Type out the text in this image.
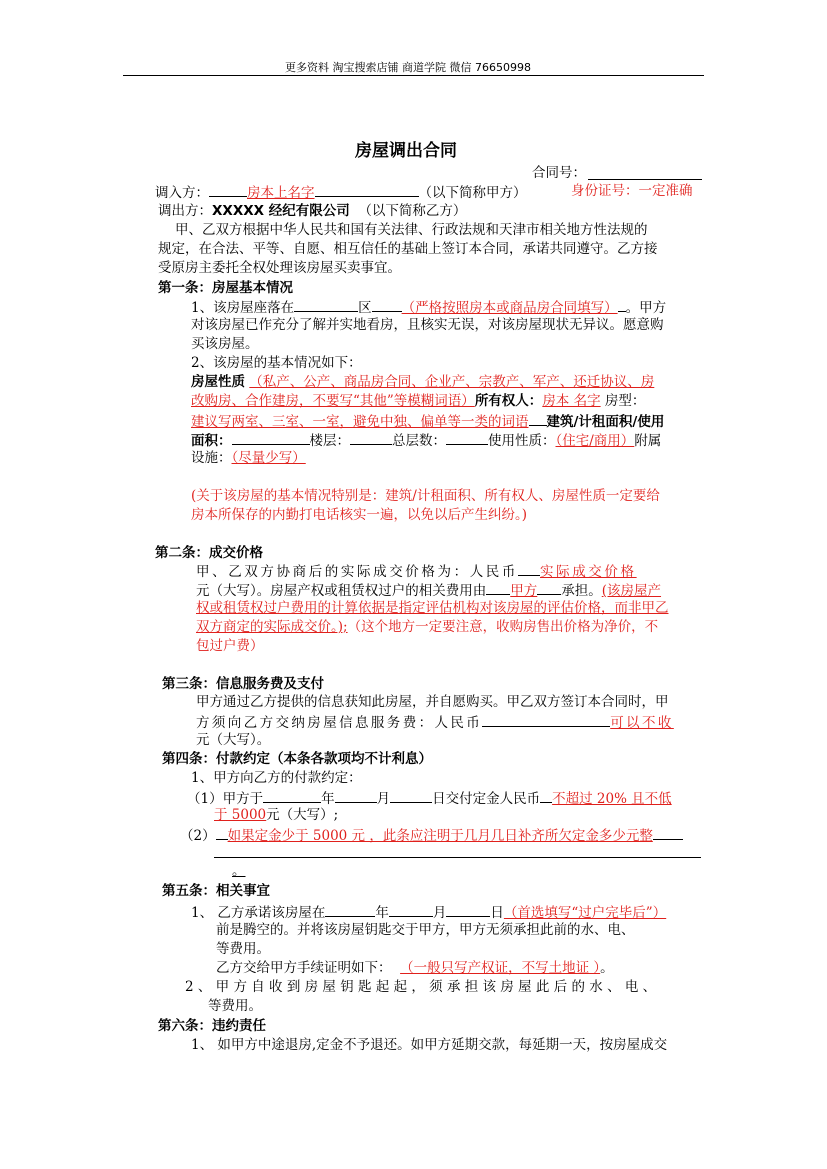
更多资料 淘宝搜索店铺 商道学院 微信 76650998
房屋调出合同
合同号：
调入方：	房本上名字	（以下简称甲方）	身份证号：一定准确
调出方：XXXXX 经纪有限公司 （以下简称乙方）
甲、乙双方根据中华人民共和国有关法律、行政法规和天津市相关地方性法规的
规定，在合法、平等、自愿、相互信任的基础上签订本合同，承诺共同遵守。乙方接
受原房主委托全权处理该房屋买卖事宜。
第一条：房屋基本情况
1、该房屋座落在	区 （严格按照房本或商品房合同填写） 。甲方
对该房屋已作充分了解并实地看房，且核实无误，对该房屋现状无异议。愿意购
买该房屋。
2、该房屋的基本情况如下：
房屋性质 （私产、公产、商品房合同、企业产、宗教产、军产、还迁协议、房
改购房、合作建房，不要写“其他”等模糊词语）所有权人：房本 名字 房型：
建议写两室、三室、一室，避免中独、偏单等一类的词语 建筑/计租面积/使用
面积：	楼层：	总层数：	使用性质：（住宅/商用）附属
设施：（尽量少写）
(关于该房屋的基本情况特别是：建筑/计租面积、所有权人、房屋性质一定要给
房本所保存的内勤打电话核实一遍，以免以后产生纠纷。)
第二条：成交价格
甲、乙双方协商后的实际成交价格为：人民币 实际成交价格
元（大写）。房屋产权或租赁权过户的相关费用由 甲方 承担。(该房屋产
权或租赁权过户费用的计算依据是指定评估机构对该房屋的评估价格，而非甲乙
双方商定的实际成交价。);（这个地方一定要注意，收购房售出价格为净价，不
包过户费）
第三条：信息服务费及支付
甲方通过乙方提供的信息获知此房屋，并自愿购买。甲乙双方签订本合同时，甲
方须向乙方交纳房屋信息服务费：人民币	可以不收
元（大写）。
第四条：付款约定（本条各款项均不计利息）
1、甲方向乙方的付款约定：
（1）甲方于	年	月	日交付定金人民币 不超过 20% 且不低
于 5000元（大写）;
（2） 如果定金少于 5000 元 ，此条应注明于几月几日补齐所欠定金多少元整
。
第五条：相关事宜
1、 乙方承诺该房屋在	年	月	日（首选填写“过户完毕后”）
前是腾空的。并将该房屋钥匙交于甲方，甲方无须承担此前的水、电、
等费用。
乙方交给甲方手续证明如下： （一般只写产权证，不写土地证 ）。
2 、 甲 方 自 收 到 房 屋 钥 匙 起 起 ， 须 承 担 该 房 屋 此 后 的 水 、 电 、
等费用。
第六条：违约责任
1、 如甲方中途退房,定金不予退还。如甲方延期交款，每延期一天，按房屋成交
